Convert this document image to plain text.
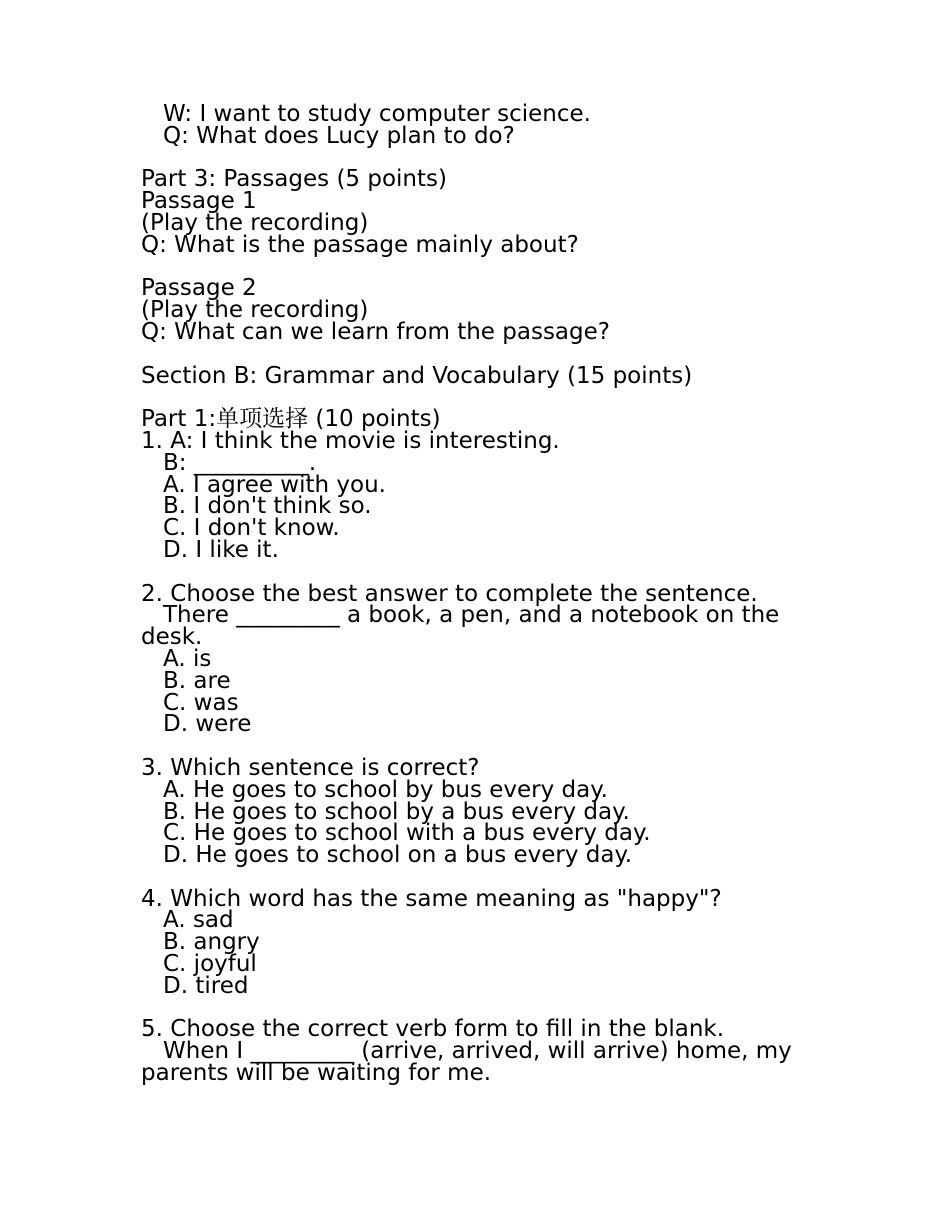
W: I want to study computer science.
Q: What does Lucy plan to do?
Part 3: Passages (5 points)
Passage 1
(Play the recording)
Q: What is the passage mainly about?
Passage 2
(Play the recording)
Q: What can we learn from the passage?
Section B: Grammar and Vocabulary (15 points)
Part 1:单项选择 (10 points)
1. A: I think the movie is interesting.
B: __________.
A. I agree with you.
B. I don't think so.
C. I don't know.
D. I like it.
2. Choose the best answer to complete the sentence.
There _________ a book, a pen, and a notebook on the desk.
A. is
B. are
C. was
D. were
3. Which sentence is correct?
A. He goes to school by bus every day.
B. He goes to school by a bus every day.
C. He goes to school with a bus every day.
D. He goes to school on a bus every day.
4. Which word has the same meaning as "happy"?
A. sad
B. angry
C. joyful
D. tired
5. Choose the correct verb form to fill in the blank.
When I _________ (arrive, arrived, will arrive) home, my parents will be waiting for me.
